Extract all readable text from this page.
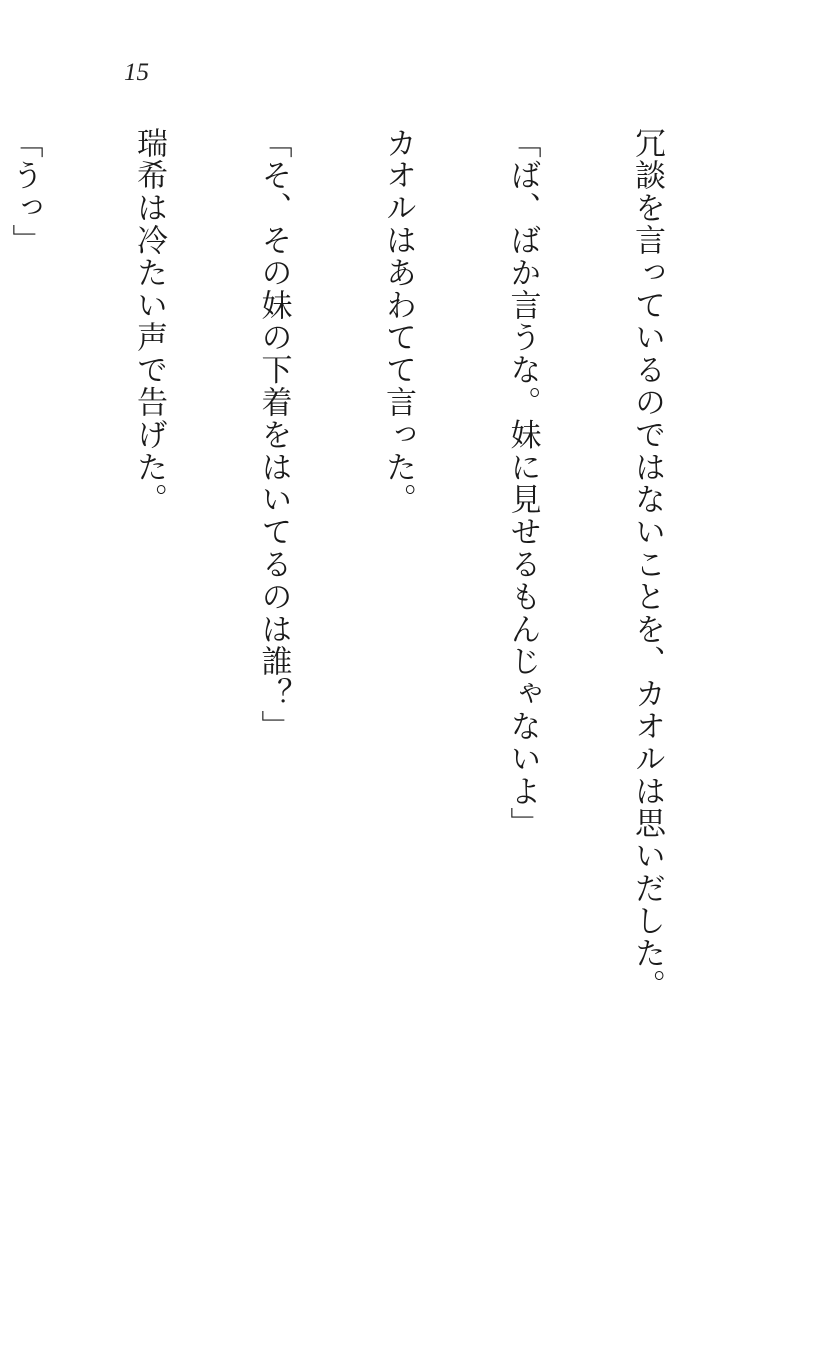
15

冗談を言っているのではないことを、カオルは思いだした。

「ば、ばか言うな。妹に見せるもんじゃないよ」

カオルはあわてて言った。

「そ、その妹の下着をはいてるのは誰？」

瑞希は冷たい声で告げた。

「うっ」
